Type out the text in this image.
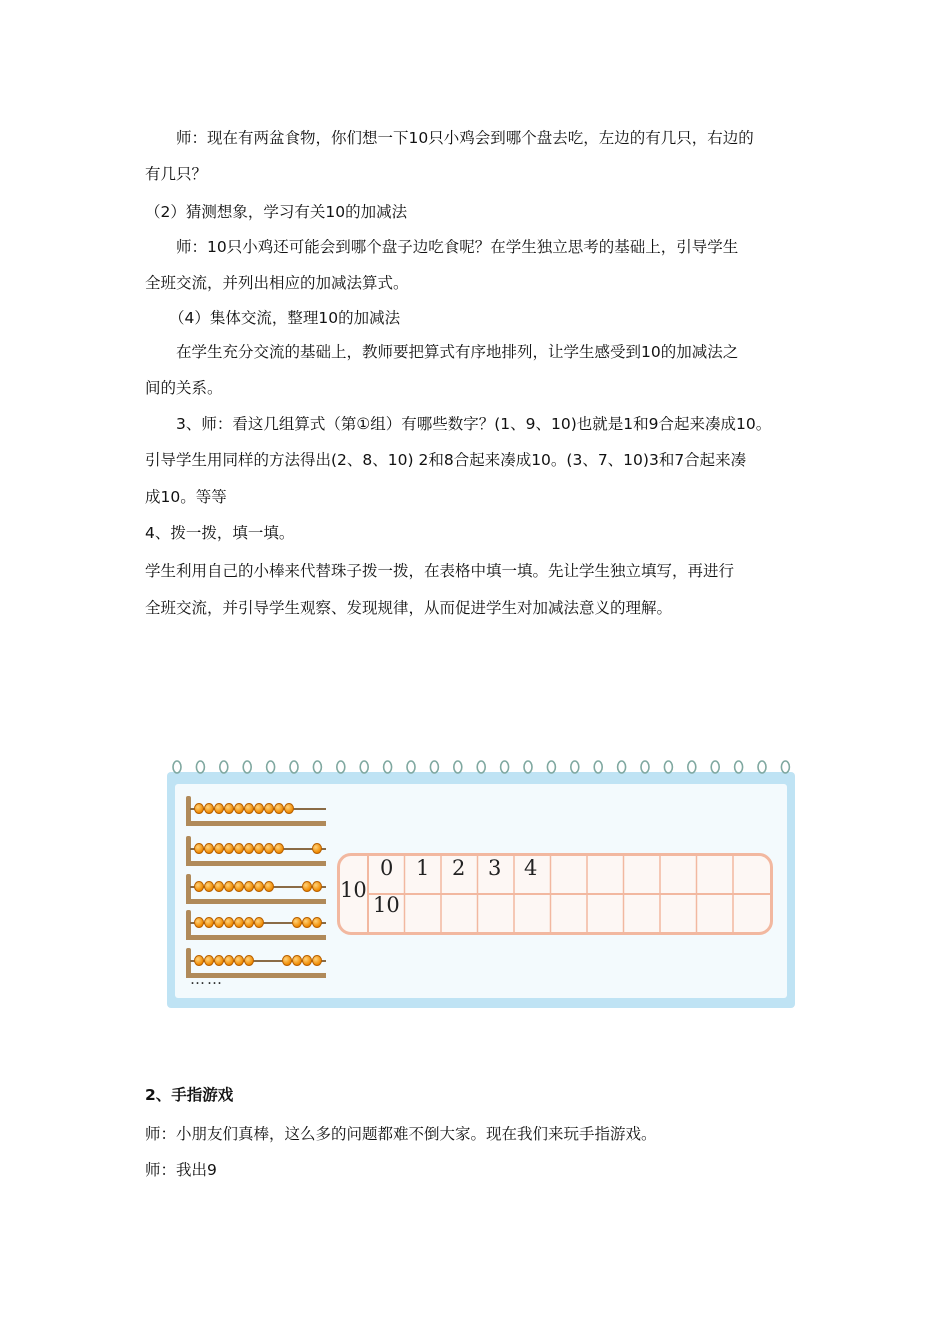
师：现在有两盆食物，你们想一下10只小鸡会到哪个盘去吃，左边的有几只，右边的

有几只？

（2）猜测想象，学习有关10的加减法

师：10只小鸡还可能会到哪个盘子边吃食呢？在学生独立思考的基础上，引导学生

全班交流，并列出相应的加减法算式。

（4）集体交流，整理10的加减法

在学生充分交流的基础上，教师要把算式有序地排列，让学生感受到10的加减法之

间的关系。

3、师：看这几组算式（第①组）有哪些数字？(1、9、10)也就是1和9合起来凑成10。

引导学生用同样的方法得出(2、8、10) 2和8合起来凑成10。(3、7、10)3和7合起来凑

成10。等等

4、拨一拨，填一填。

学生利用自己的小棒来代替珠子拨一拨，在表格中填一填。先让学生独立填写，再进行

全班交流，并引导学生观察、发现规律，从而促进学生对加减法意义的理解。

……
10
0 1 2 3 4
10

2、手指游戏

师：小朋友们真棒，这么多的问题都难不倒大家。现在我们来玩手指游戏。

师：我出9
